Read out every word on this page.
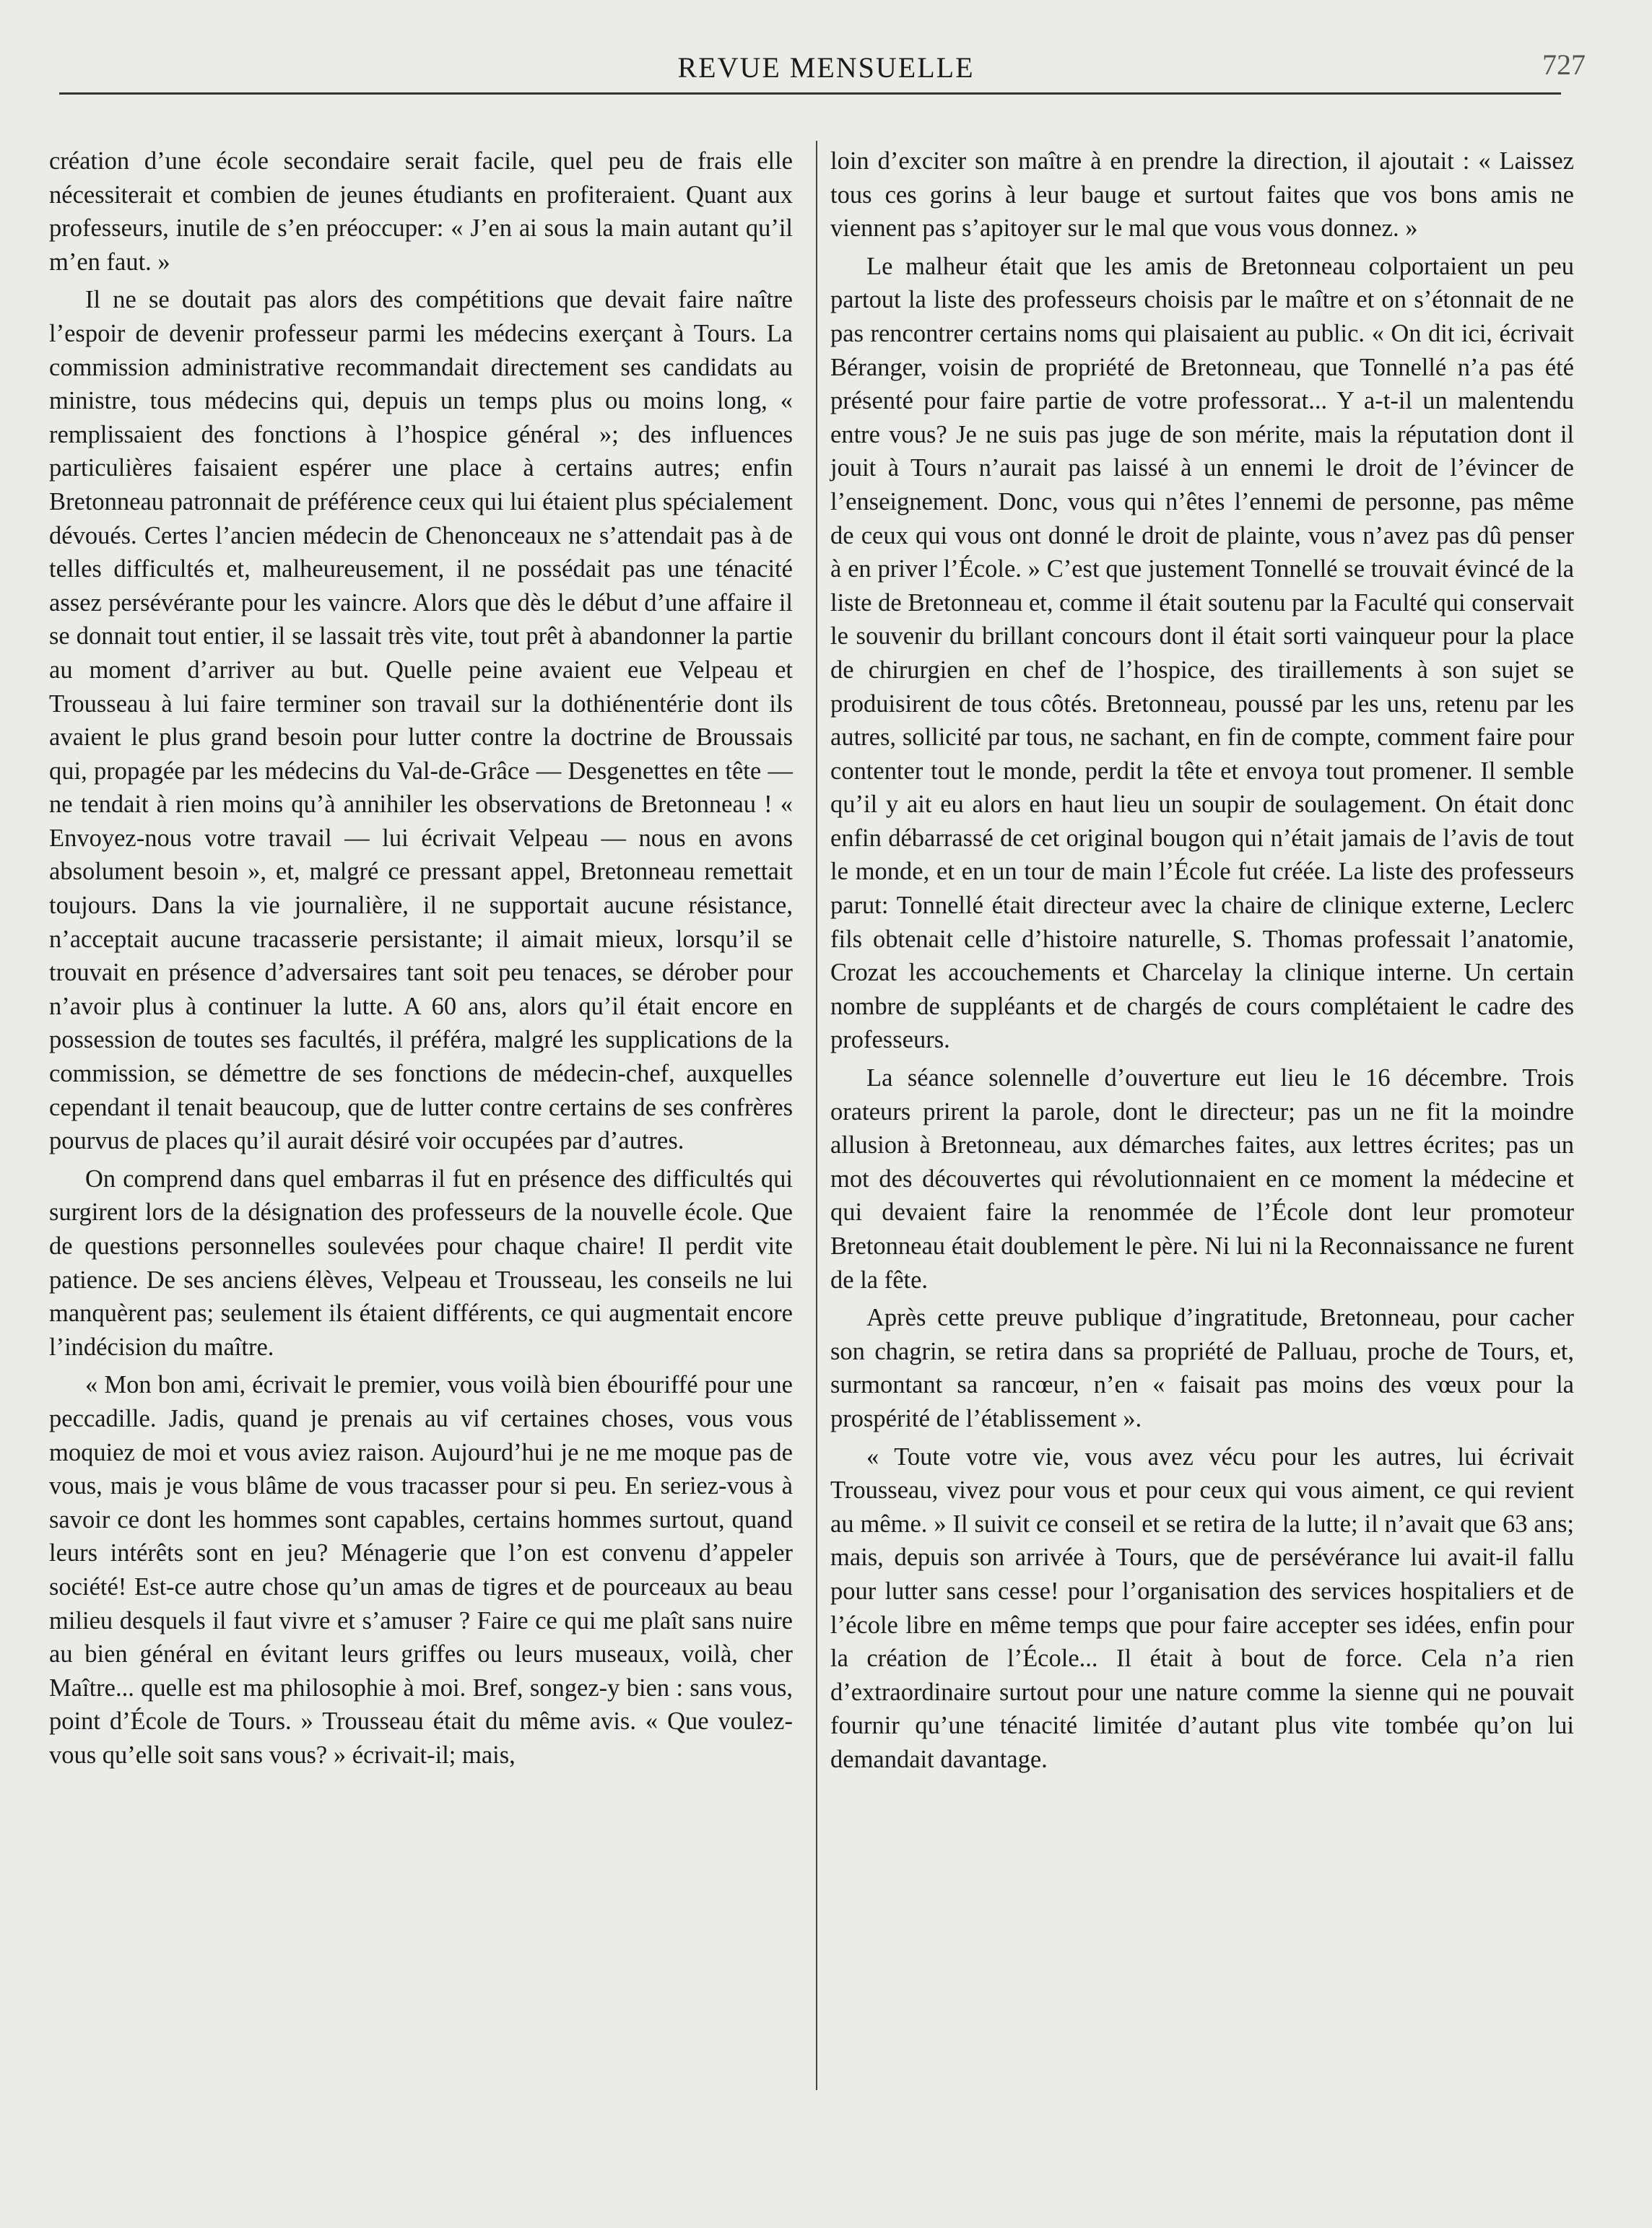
REVUE MENSUELLE	727

création d’une école secondaire serait facile, quel peu de frais elle nécessiterait et combien de jeunes étudiants en profiteraient. Quant aux professeurs, inutile de s’en préoccuper: « J’en ai sous la main autant qu’il m’en faut. »

Il ne se doutait pas alors des compétitions que devait faire naître l’espoir de devenir professeur parmi les médecins exerçant à Tours. La commission administrative recommandait directement ses candidats au ministre, tous médecins qui, depuis un temps plus ou moins long, « remplissaient des fonctions à l’hospice général »; des influences particulières faisaient espérer une place à certains autres; enfin Bretonneau patronnait de préférence ceux qui lui étaient plus spécialement dévoués. Certes l’ancien médecin de Chenonceaux ne s’attendait pas à de telles difficultés et, malheureusement, il ne possédait pas une ténacité assez persévérante pour les vaincre. Alors que dès le début d’une affaire il se donnait tout entier, il se lassait très vite, tout prêt à abandonner la partie au moment d’arriver au but. Quelle peine avaient eue Velpeau et Trousseau à lui faire terminer son travail sur la dothiénentérie dont ils avaient le plus grand besoin pour lutter contre la doctrine de Broussais qui, propagée par les médecins du Val-de-Grâce — Desgenettes en tête — ne tendait à rien moins qu’à annihiler les observations de Bretonneau ! « Envoyez-nous votre travail — lui écrivait Velpeau — nous en avons absolument besoin », et, malgré ce pressant appel, Bretonneau remettait toujours. Dans la vie journalière, il ne supportait aucune résistance, n’acceptait aucune tracasserie persistante; il aimait mieux, lorsqu’il se trouvait en présence d’adversaires tant soit peu tenaces, se dérober pour n’avoir plus à continuer la lutte. A 60 ans, alors qu’il était encore en possession de toutes ses facultés, il préféra, malgré les supplications de la commission, se démettre de ses fonctions de médecin-chef, auxquelles cependant il tenait beaucoup, que de lutter contre certains de ses confrères pourvus de places qu’il aurait désiré voir occupées par d’autres.

On comprend dans quel embarras il fut en présence des difficultés qui surgirent lors de la désignation des professeurs de la nouvelle école. Que de questions personnelles soulevées pour chaque chaire! Il perdit vite patience. De ses anciens élèves, Velpeau et Trousseau, les conseils ne lui manquèrent pas; seulement ils étaient différents, ce qui augmentait encore l’indécision du maître.

« Mon bon ami, écrivait le premier, vous voilà bien ébouriffé pour une peccadille. Jadis, quand je prenais au vif certaines choses, vous vous moquiez de moi et vous aviez raison. Aujourd’hui je ne me moque pas de vous, mais je vous blâme de vous tracasser pour si peu. En seriez-vous à savoir ce dont les hommes sont capables, certains hommes surtout, quand leurs intérêts sont en jeu? Ménagerie que l’on est convenu d’appeler société! Est-ce autre chose qu’un amas de tigres et de pourceaux au beau milieu desquels il faut vivre et s’amuser ? Faire ce qui me plaît sans nuire au bien général en évitant leurs griffes ou leurs museaux, voilà, cher Maître... quelle est ma philosophie à moi. Bref, songez-y bien : sans vous, point d’École de Tours. » Trousseau était du même avis. « Que voulez-vous qu’elle soit sans vous? » écrivait-il; mais,

loin d’exciter son maître à en prendre la direction, il ajoutait : « Laissez tous ces gorins à leur bauge et surtout faites que vos bons amis ne viennent pas s’apitoyer sur le mal que vous vous donnez. »

Le malheur était que les amis de Bretonneau colportaient un peu partout la liste des professeurs choisis par le maître et on s’étonnait de ne pas rencontrer certains noms qui plaisaient au public. « On dit ici, écrivait Béranger, voisin de propriété de Bretonneau, que Tonnellé n’a pas été présenté pour faire partie de votre professorat... Y a-t-il un malentendu entre vous? Je ne suis pas juge de son mérite, mais la réputation dont il jouit à Tours n’aurait pas laissé à un ennemi le droit de l’évincer de l’enseignement. Donc, vous qui n’êtes l’ennemi de personne, pas même de ceux qui vous ont donné le droit de plainte, vous n’avez pas dû penser à en priver l’École. » C’est que justement Tonnellé se trouvait évincé de la liste de Bretonneau et, comme il était soutenu par la Faculté qui conservait le souvenir du brillant concours dont il était sorti vainqueur pour la place de chirurgien en chef de l’hospice, des tiraillements à son sujet se produisirent de tous côtés. Bretonneau, poussé par les uns, retenu par les autres, sollicité par tous, ne sachant, en fin de compte, comment faire pour contenter tout le monde, perdit la tête et envoya tout promener. Il semble qu’il y ait eu alors en haut lieu un soupir de soulagement. On était donc enfin débarrassé de cet original bougon qui n’était jamais de l’avis de tout le monde, et en un tour de main l’École fut créée. La liste des professeurs parut: Tonnellé était directeur avec la chaire de clinique externe, Leclerc fils obtenait celle d’histoire naturelle, S. Thomas professait l’anatomie, Crozat les accouchements et Charcelay la clinique interne. Un certain nombre de suppléants et de chargés de cours complétaient le cadre des professeurs.

La séance solennelle d’ouverture eut lieu le 16 décembre. Trois orateurs prirent la parole, dont le directeur; pas un ne fit la moindre allusion à Bretonneau, aux démarches faites, aux lettres écrites; pas un mot des découvertes qui révolutionnaient en ce moment la médecine et qui devaient faire la renommée de l’École dont leur promoteur Bretonneau était doublement le père. Ni lui ni la Reconnaissance ne furent de la fête.

Après cette preuve publique d’ingratitude, Bretonneau, pour cacher son chagrin, se retira dans sa propriété de Palluau, proche de Tours, et, surmontant sa rancœur, n’en « faisait pas moins des vœux pour la prospérité de l’établissement ».

« Toute votre vie, vous avez vécu pour les autres, lui écrivait Trousseau, vivez pour vous et pour ceux qui vous aiment, ce qui revient au même. » Il suivit ce conseil et se retira de la lutte; il n’avait que 63 ans; mais, depuis son arrivée à Tours, que de persévérance lui avait-il fallu pour lutter sans cesse! pour l’organisation des services hospitaliers et de l’école libre en même temps que pour faire accepter ses idées, enfin pour la création de l’École... Il était à bout de force. Cela n’a rien d’extraordinaire surtout pour une nature comme la sienne qui ne pouvait fournir qu’une ténacité limitée d’autant plus vite tombée qu’on lui demandait davantage.
